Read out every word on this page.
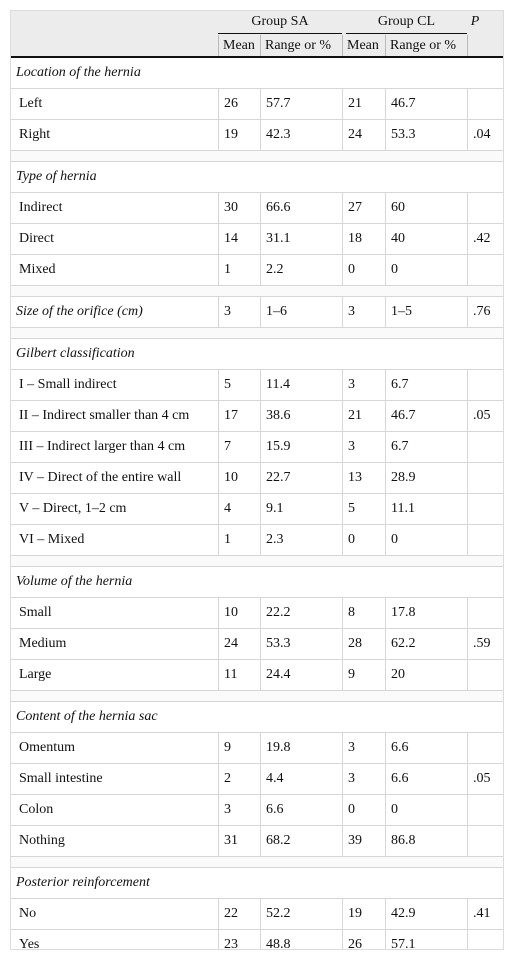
Group SA	Group CL	P
Mean Range or %	Mean Range or %
Location of the hernia
Left	26	57.7	21	46.7
Right	19	42.3	24	53.3	.04
Type of hernia
Indirect	30	66.6	27	60
Direct	14	31.1	18	40	.42
Mixed	1	2.2	0	0
Size of the orifice (cm)	3	1–6	3	1–5	.76
Gilbert classification
I – Small indirect	5	11.4	3	6.7
II – Indirect smaller than 4 cm	17	38.6	21	46.7	.05
III – Indirect larger than 4 cm	7	15.9	3	6.7
IV – Direct of the entire wall	10	22.7	13	28.9
V – Direct, 1–2 cm	4	9.1	5	11.1
VI – Mixed	1	2.3	0	0
Volume of the hernia
Small	10	22.2	8	17.8
Medium	24	53.3	28	62.2	.59
Large	11	24.4	9	20
Content of the hernia sac
Omentum	9	19.8	3	6.6
Small intestine	2	4.4	3	6.6	.05
Colon	3	6.6	0	0
Nothing	31	68.2	39	86.8
Posterior reinforcement
No	22	52.2	19	42.9	.41
Yes	23	48.8	26	57.1
